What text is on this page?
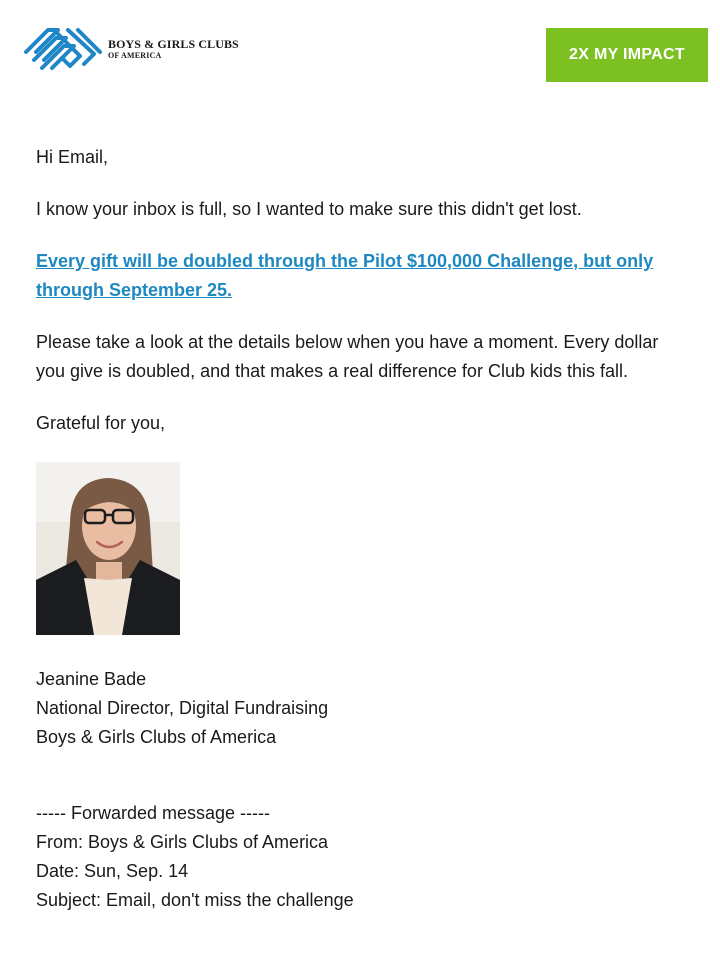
BOYS & GIRLS CLUBS
OF AMERICA	2X MY IMPACT

Hi Email,

I know your inbox is full, so I wanted to make sure this didn't get lost.

Every gift will be doubled through the Pilot $100,000 Challenge, but only through September 25.

Please take a look at the details below when you have a moment. Every dollar you give is doubled, and that makes a real difference for Club kids this fall.

Grateful for you,

Jeanine Bade
National Director, Digital Fundraising
Boys & Girls Clubs of America
----- Forwarded message -----
From: Boys & Girls Clubs of America
Date: Sun, Sep. 14
Subject: Email, don't miss the challenge
